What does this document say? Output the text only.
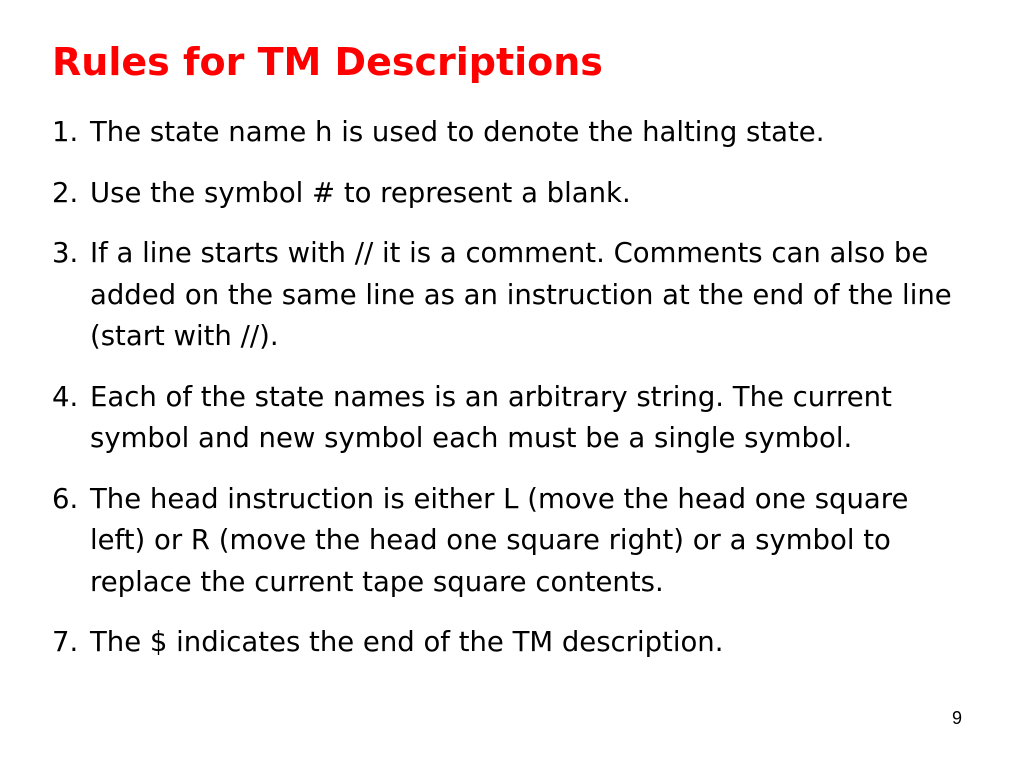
Rules for TM Descriptions
1. The state name h is used to denote the halting state.
2. Use the symbol # to represent a blank.
3. If a line starts with // it is a comment. Comments can also be added on the same line as an instruction at the end of the line (start with //).
4. Each of the state names is an arbitrary string. The current symbol and new symbol each must be a single symbol.
6. The head instruction is either L (move the head one square left) or R (move the head one square right) or a symbol to replace the current tape square contents.
7. The $ indicates the end of the TM description.
9
